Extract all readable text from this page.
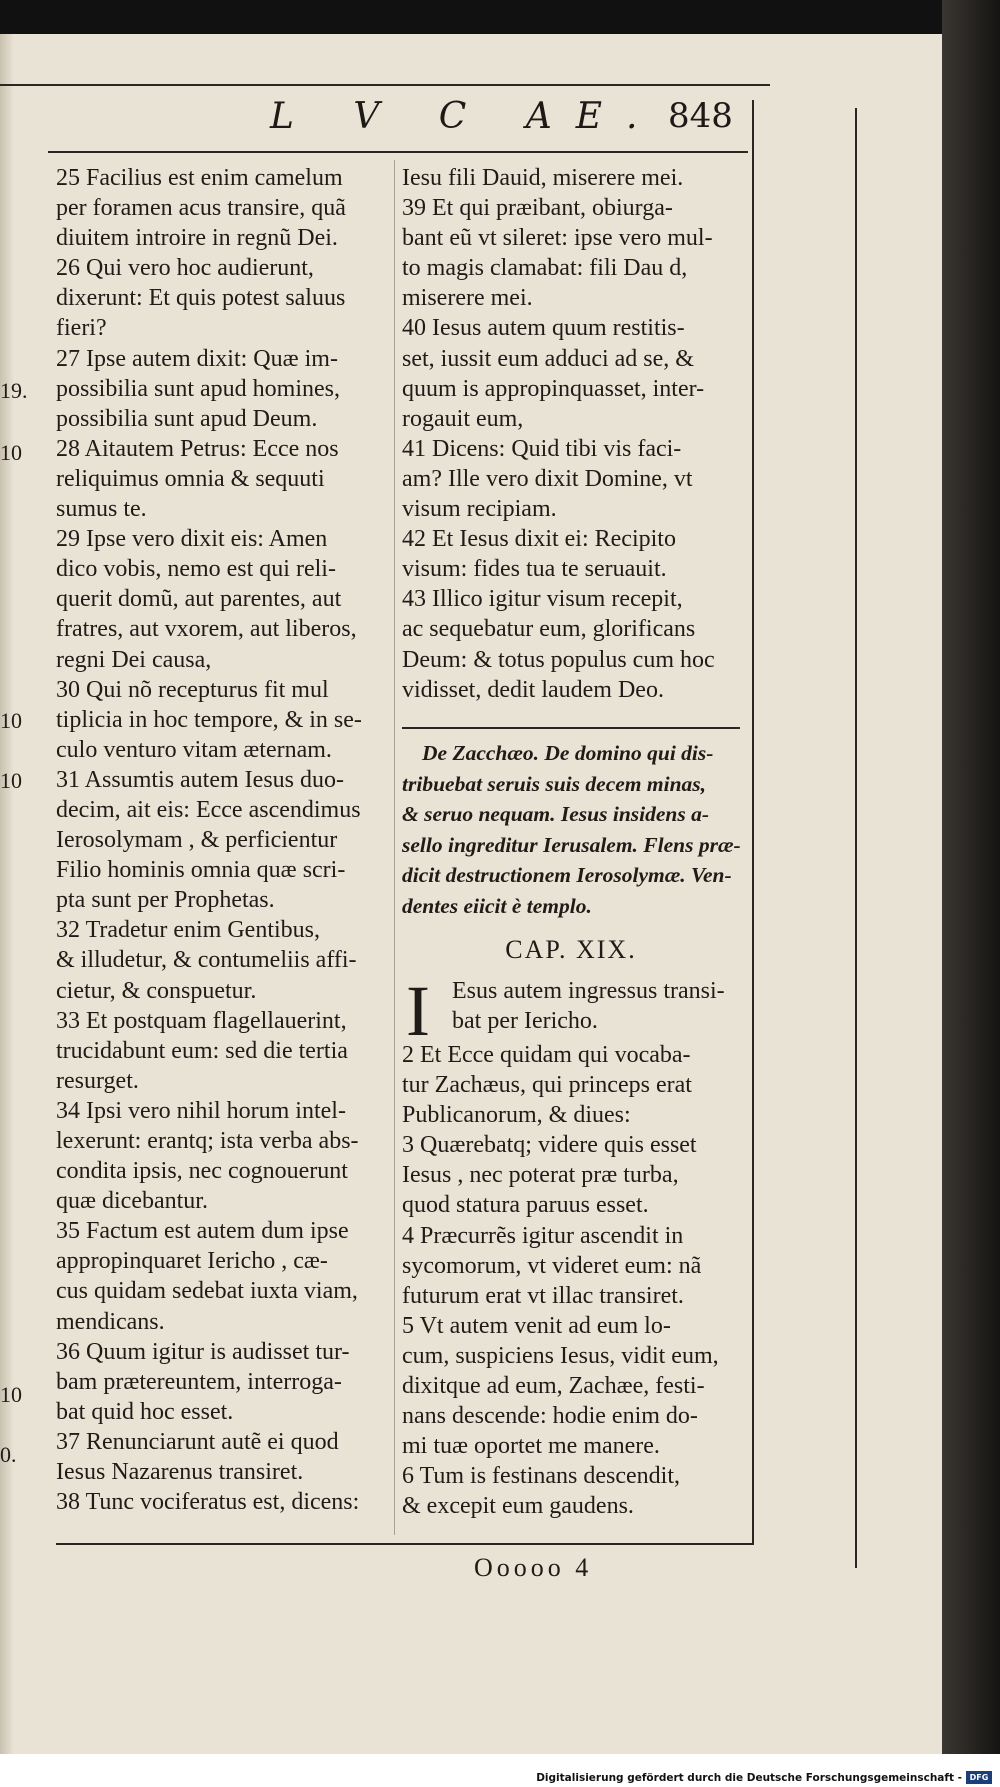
L V C AE. 848
19.
10
10
10
10
0.
25 Facilius est enim camelum
per foramen acus transire, quã
diuitem introire in regnũ Dei.
26 Qui vero hoc audierunt,
dixerunt: Et quis potest saluus
fieri?
27 Ipse autem dixit: Quæ im-
possibilia sunt apud homines,
possibilia sunt apud Deum.
28 Aitautem Petrus: Ecce nos
reliquimus omnia & sequuti
sumus te.
29 Ipse vero dixit eis: Amen
dico vobis, nemo est qui reli-
querit domũ, aut parentes, aut
fratres, aut vxorem, aut liberos,
regni Dei causa,
30 Qui nõ recepturus fit mul
tiplicia in hoc tempore, & in se-
culo venturo vitam æternam.
31 Assumtis autem Iesus duo-
decim, ait eis: Ecce ascendimus
Ierosolymam , & perficientur
Filio hominis omnia quæ scri-
pta sunt per Prophetas.
32 Tradetur enim Gentibus,
& illudetur, & contumeliis affi-
cietur, & conspuetur.
33 Et postquam flagellauerint,
trucidabunt eum: sed die tertia
resurget.
34 Ipsi vero nihil horum intel-
lexerunt: erantq; ista verba abs-
condita ipsis, nec cognouerunt
quæ dicebantur.
35 Factum est autem dum ipse
appropinquaret Iericho , cæ-
cus quidam sedebat iuxta viam,
mendicans.
36 Quum igitur is audisset tur-
bam prætereuntem, interroga-
bat quid hoc esset.
37 Renunciarunt autẽ ei quod
Iesus Nazarenus transiret.
38 Tunc vociferatus est, dicens:
Iesu fili Dauid, miserere mei.
39 Et qui præibant, obiurga-
bant eũ vt sileret: ipse vero mul-
to magis clamabat: fili Dau d,
miserere mei.
40 Iesus autem quum restitis-
set, iussit eum adduci ad se, &
quum is appropinquasset, inter-
rogauit eum,
41 Dicens: Quid tibi vis faci-
am? Ille vero dixit Domine, vt
visum recipiam.
42 Et Iesus dixit ei: Recipito
visum: fides tua te seruauit.
43 Illico igitur visum recepit,
ac sequebatur eum, glorificans
Deum: & totus populus cum hoc
vidisset, dedit laudem Deo.
De Zacchæo. De domino qui dis-
tribuebat seruis suis decem minas,
& seruo nequam. Iesus insidens a-
sello ingreditur Ierusalem. Flens præ-
dicit destructionem Ierosolymæ. Ven-
dentes eiicit è templo.
CAP. XIX.
I Esus autem ingressus transi-
bat per Iericho.
2 Et Ecce quidam qui vocaba-
tur Zachæus, qui princeps erat
Publicanorum, & diues:
3 Quærebatq; videre quis esset
Iesus , nec poterat præ turba,
quod statura paruus esset.
4 Præcurrẽs igitur ascendit in
sycomorum, vt videret eum: nã
futurum erat vt illac transiret.
5 Vt autem venit ad eum lo-
cum, suspiciens Iesus, vidit eum,
dixitque ad eum, Zachæe, festi-
nans descende: hodie enim do-
mi tuæ oportet me manere.
6 Tum is festinans descendit,
& excepit eum gaudens.
Ooooo 4
Digitalisierung gefördert durch die Deutsche Forschungsgemeinschaft - DFG
